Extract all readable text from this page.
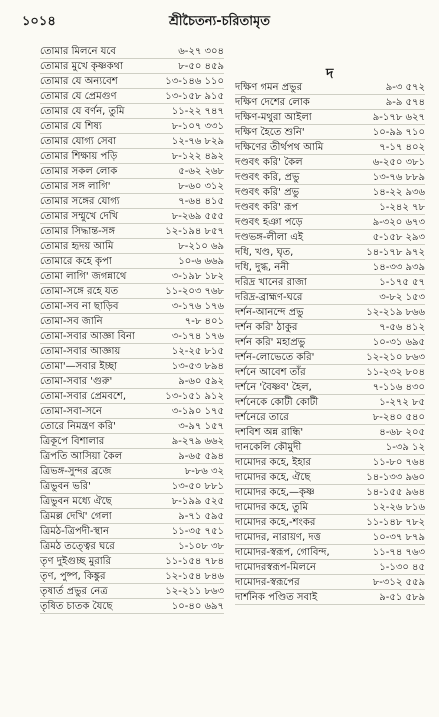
১০১৪	শ্রীচৈতন্য-চরিতামৃত
দ
তোমার মিলনে যবে	৬-২৭ ৩০৪
তোমার মুখে কৃষ্ণকথা	৮-৫০ ৪৫৯
তোমার যে অন্যবেশ	১৩-১৪৬ ১১০
তোমার যে প্রেমগুণ	১৩-১৫৮ ৯১৫
তোমার যে বর্ণন, তুমি	১১-২২ ৭৪৭
তোমার যে শিষ্য	৮-১০৭ ৩৩১
তোমার যোগ্য সেবা	১২-৭৬ ৮২৯
তোমার শিক্ষায় পড়ি	৮-১২২ ৪৯২
তোমার সকল লোক	৫-৬২ ২৬৮
তোমার সঙ্গ লাগি'	৮-৬০ ৩১২
তোমার সঙ্গের যোগ্য	৭-৬৪ ৪১৫
তোমার সম্মুখে দেখি	৮-২৬৯ ৫৫৫
তোমার সিদ্ধান্ত-সঙ্গ	১২-১৯৪ ৮৫৭
তোমার হৃদয় আমি	৮-২১০ ৬৯
তোমারে কহে কৃপা	১০-৬ ৬৬৯
তোমা লাগি' জগন্নাথে	৩-১৯৮ ১৮২
তোমা-সঙ্গে রহে যত	১১-২০৩ ৭৬৮
তোমা-সব না ছাড়িব	৩-১৭৬ ১৭৬
তোমা-সব জানি	৭-৮ ৪০১
তোমা-সবার আজ্ঞা বিনা	৩-১৭৪ ১৭৬
তোমা-সবার আজ্ঞায়	১২-২৫ ৮১৫
তোমা'—সবার ইচ্ছা	১৩-৫৩ ৮৯৪
তোমা-সবার 'গুরু'	৯-৬০ ৫৯২
তোমা-সবার প্রেমবশে,	১৩-১৫১ ৯১২
তোমা-সবা-সনে	৩-১৯০ ১৭৫
তোরে নিমন্ত্রণ করি'	৩-৯৭ ১৫৭
ত্রিকূপে বিশালার	৯-২৭৯ ৬৬২
ত্রিপতি আসিয়া কৈল	৯-৬৫ ৫৯৪
ত্রিভঙ্গ-সুন্দর ব্রজে	৮-৮৬ ৩২
ত্রিভুবন ভরি'	১৩-৫০ ৮৮১
ত্রিভুবন মধ্যে ঐছে	৮-১৯৯ ৫২৫
ত্রিমল্ল দেখি' গেলা	৯-৭১ ৫৯৫
ত্রিমঠ-ত্রিপদী-স্থান	১১-৩৫ ৭৫১
ত্রিমঠ তত্ত্বের ঘরে	১-১০৮ ৩৮
তৃণ দুইগুচ্ছ মুরারি	১১-১৫৪ ৭৮৪
তৃণ, পুষ্প, কিঙ্কুর	১২-১৫৪ ৮৪৬
তৃষার্ত প্রভুর নেত্র	১২-২১১ ৮৬৩
তৃষিত চাতক যৈছে	১০-৪০ ৬৯৭
দক্ষিণ গমন প্রভুর	৯-৩ ৫৭২
দক্ষিণ দেশের লোক	৯-৯ ৫৭৪
দক্ষিণ-মথুরা আইলা	৯-১৭৮ ৬২৭
দক্ষিণ হৈতে শুনি'	১০-৯৯ ৭১০
দক্ষিণের তীর্থপথ আমি	৭-১৭ ৪০২
দণ্ডবৎ করি' কৈল	৬-২৫০ ৩৮১
দণ্ডবৎ করি, প্রভু	১৩-৭৬ ৮৮৯
দণ্ডবৎ করি' প্রভু	১৪-২২ ৯৩৬
দণ্ডবৎ করি' রূপ	১-২৪২ ৭৮
দণ্ডবৎ হঞা পড়ে	৯-৩২০ ৬৭৩
দণ্ডভঙ্গ-লীলা এই	৫-১৫৮ ২৯৩
দধি, খণ্ড, ঘৃত,	১৪-১৭৮ ৯৭২
দধি, দুগ্ধ, ননী	১৪-৩৩ ৯৩৯
দরিদ্র খানের রাজা	১-১৭৫ ৫৭
দরিদ্র-ব্রাহ্মণ-ঘরে	৩-৮২ ১৫৩
দর্শন-আনন্দে প্রভু	১২-২১৯ ৮৬৬
দর্শন করি' ঠাকুর	৭-৫৬ ৪১২
দর্শন করি' মহাপ্রভু	১০-৩১ ৬৯৫
দর্শন-লোভেতে করি'	১২-২১০ ৮৬৩
দর্শনে আবেশ তাঁর	১১-২৩২ ৮০৪
দর্শনে 'বৈষ্ণব' হৈল,	৭-১১৬ ৪৩০
দর্শনেকে কোটী কোটী	১-২৭২ ৮৫
দর্শনেরে তারে	৮-২৪০ ৫৪০
দশবিশ অন্ন রান্ধি'	৪-৬৮ ২০৫
দানকেলি কৌমুদী	১-৩৯ ১২
দামোদর কহে, ইহার	১১-৮০ ৭৬৪
দামোদর কহে, ঐছে	১৪-১৩৩ ৯৬০
দামোদর কহে,—কৃষ্ণ	১৪-১৫৫ ৯৬৪
দামোদর কহে, তুমি	১২-২৬ ৮১৬
দামোদর কহে,-শংকর	১১-১৪৮ ৭৮২
দামোদর, নারায়ণ, দত্ত	১০-৩৭ ৮৭৯
দামোদর-স্বরূপ, গোবিন্দ,	১১-৭৪ ৭৬৩
দামোদরস্বরূপ-মিলনে	১-১৩০ ৪৫
দামোদর-স্বরূপের	৮-৩১২ ৫৫৯
দার্শনিক পণ্ডিত সবাই	৯-৫১ ৫৮৯
